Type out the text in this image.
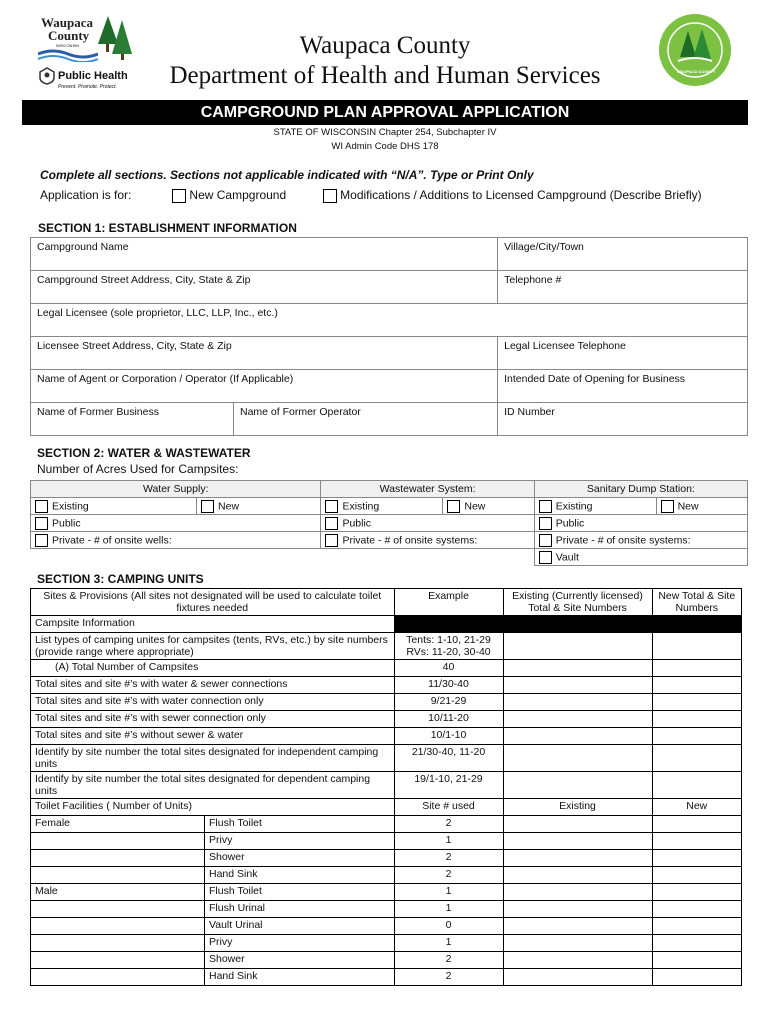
Waupaca
County
WISCONSIN
Public Health
Prevent. Promote. Protect.
WAUPACA COUNTY
Waupaca County
Department of Health and Human Services
CAMPGROUND PLAN APPROVAL APPLICATION
STATE OF WISCONSIN Chapter 254, Subchapter IV
WI Admin Code DHS 178
Complete all sections. Sections not applicable indicated with “N/A”. Type or Print Only
Application is for:	New Campground	Modifications / Additions to Licensed Campground (Describe Briefly)
SECTION 1: ESTABLISHMENT INFORMATION
Campground Name		Village/City/Town
Campground Street Address, City, State & Zip		Telephone #
Legal Licensee (sole proprietor, LLC, LLP, Inc., etc.)		
Licensee Street Address, City, State & Zip		Legal Licensee Telephone
Name of Agent or Corporation / Operator (If Applicable)		Intended Date of Opening for Business
Name of Former Business	Name of Former Operator	ID Number
SECTION 2: WATER & WASTEWATER
Number of Acres Used for Campsites:
Water Supply:		Wastewater System:		Sanitary Dump Station:	
Existing	New	Existing	New	Existing	New
Public		Public		Public	
Private - # of onsite wells:		Private - # of onsite systems:		Private - # of onsite systems:	
				Vault	
SECTION 3: CAMPING UNITS
Sites & Provisions (All sites not designated will be used to calculate toilet fixtures needed		Example	Existing (Currently licensed) Total & Site Numbers	New Total & Site Numbers
Campsite Information				
List types of camping unites for campsites (tents, RVs, etc.) by site numbers (provide range where appropriate)		Tents: 1-10, 21-29 RVs: 11-20, 30-40		
(A) Total Number of Campsites		40		
Total sites and site #’s with water & sewer connections		11/30-40		
Total sites and site #’s with water connection only		9/21-29		
Total sites and site #’s with sewer connection only		10/11-20		
Total sites and site #’s without sewer & water		10/1-10		
Identify by site number the total sites designated for independent camping units		21/30-40, 11-20		
Identify by site number the total sites designated for dependent camping units		19/1-10, 21-29		
Toilet Facilities ( Number of Units)		Site # used	Existing	New
Female	Flush Toilet	2		
	Privy	1		
	Shower	2		
	Hand Sink	2		
Male	Flush Toilet	1		
	Flush Urinal	1		
	Vault Urinal	0		
	Privy	1		
	Shower	2		
	Hand Sink	2		
